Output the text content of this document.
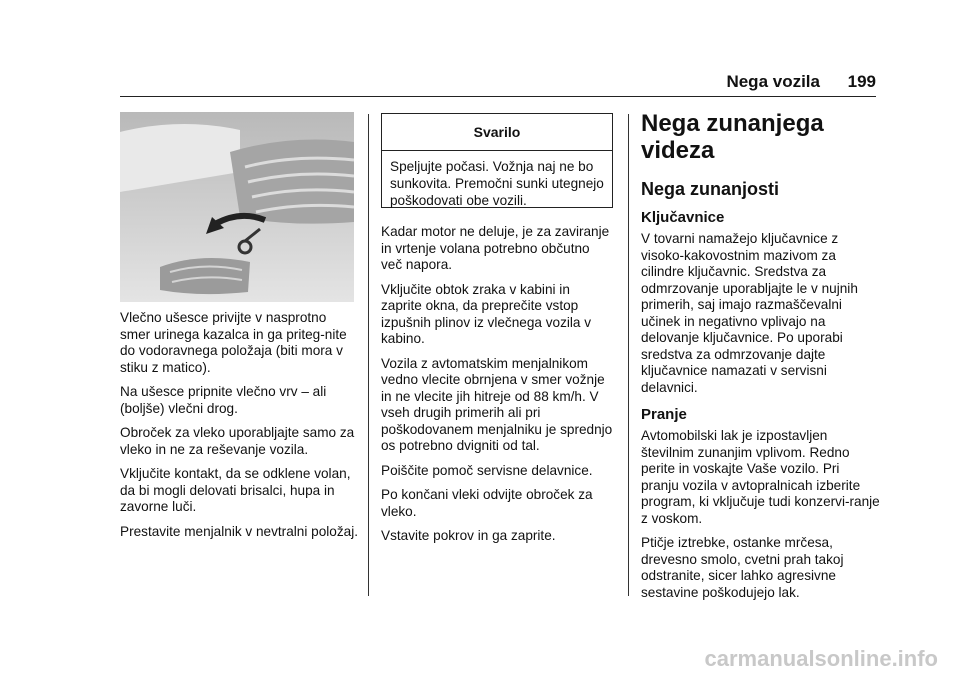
Nega vozila 199

Vlečno ušesce privijte v nasprotno smer urinega kazalca in ga priteg-nite do vodoravnega položaja (biti mora v stiku z matico).

Na ušesce pripnite vlečno vrv – ali (boljše) vlečni drog.

Obroček za vleko uporabljajte samo za vleko in ne za reševanje vozila.

Vključite kontakt, da se odklene volan, da bi mogli delovati brisalci, hupa in zavorne luči.

Prestavite menjalnik v nevtralni položaj.

Svarilo
Speljujte počasi. Vožnja naj ne bo sunkovita. Premočni sunki utegnejo poškodovati obe vozili.

Kadar motor ne deluje, je za zaviranje in vrtenje volana potrebno občutno več napora.

Vključite obtok zraka v kabini in zaprite okna, da preprečite vstop izpušnih plinov iz vlečnega vozila v kabino.

Vozila z avtomatskim menjalnikom vedno vlecite obrnjena v smer vožnje in ne vlecite jih hitreje od 88 km/h. V vseh drugih primerih ali pri poškodovanem menjalniku je sprednjo os potrebno dvigniti od tal.

Poiščite pomoč servisne delavnice.

Po končani vleki odvijte obroček za vleko.

Vstavite pokrov in ga zaprite.

Nega zunanjega videza
Nega zunanjosti
Ključavnice

V tovarni namažejo ključavnice z visoko-kakovostnim mazivom za cilindre ključavnic. Sredstva za odmrzovanje uporabljajte le v nujnih primerih, saj imajo razmaščevalni učinek in negativno vplivajo na delovanje ključavnice. Po uporabi sredstva za odmrzovanje dajte ključavnice namazati v servisni delavnici.

Pranje

Avtomobilski lak je izpostavljen številnim zunanjim vplivom. Redno perite in voskajte Vaše vozilo. Pri pranju vozila v avtopralnicah izberite program, ki vključuje tudi konzervi-ranje z voskom.

Ptičje iztrebke, ostanke mrčesa, drevesno smolo, cvetni prah takoj odstranite, sicer lahko agresivne sestavine poškodujejo lak.

carmanualsonline.info
